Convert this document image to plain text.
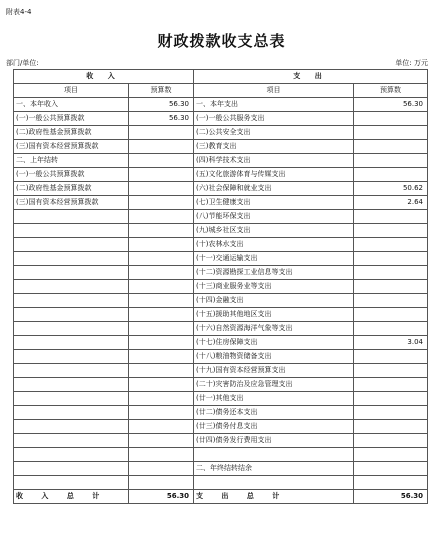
附表4-4
财政拨款收支总表
部门/单位:	单位: 万元
收 入		支 出	
项目	预算数	项目	预算数
一、本年收入	56.30	一、本年支出	56.30
(一)一般公共预算拨款	56.30	(一)一般公共服务支出	
(二)政府性基金预算拨款		(二)公共安全支出	
(三)国有资本经营预算拨款		(三)教育支出	
二、上年结转		(四)科学技术支出	
(一)一般公共预算拨款		(五)文化旅游体育与传媒支出	
(二)政府性基金预算拨款		(六)社会保障和就业支出	50.62
(三)国有资本经营预算拨款		(七)卫生健康支出	2.64
		(八)节能环保支出	
		(九)城乡社区支出	
		(十)农林水支出	
		(十一)交通运输支出	
		(十二)资源勘探工业信息等支出	
		(十三)商业服务业等支出	
		(十四)金融支出	
		(十五)援助其他地区支出	
		(十六)自然资源海洋气象等支出	
		(十七)住房保障支出	3.04
		(十八)粮油物资储备支出	
		(十九)国有资本经营预算支出	
		(二十)灾害防治及应急管理支出	
		(廿一)其他支出	
		(廿二)债务还本支出	
		(廿三)债务付息支出	
		(廿四)债务发行费用支出	

		二、年终结转结余	

收 入 总 计	56.30	支 出 总 计	56.30
